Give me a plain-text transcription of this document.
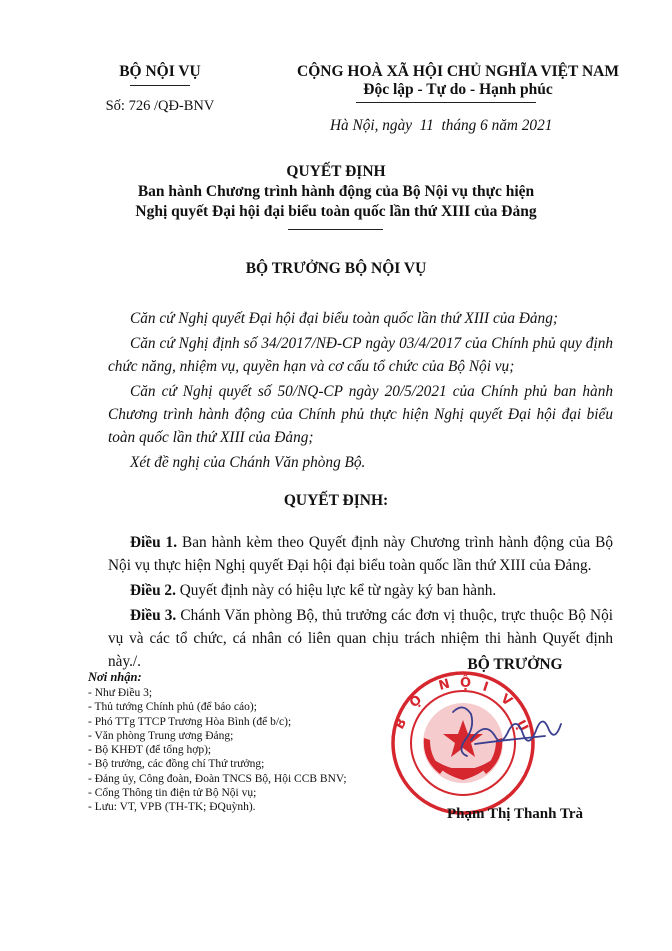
BỘ NỘI VỤ
Số: 726 /QĐ-BNV
CỘNG HOÀ XÃ HỘI CHỦ NGHĨA VIỆT NAM
Độc lập - Tự do - Hạnh phúc
Hà Nội, ngày  11  tháng 6 năm 2021
QUYẾT ĐỊNH
Ban hành Chương trình hành động của Bộ Nội vụ thực hiện
Nghị quyết Đại hội đại biểu toàn quốc lần thứ XIII của Đảng
BỘ TRƯỞNG BỘ NỘI VỤ
Căn cứ Nghị quyết Đại hội đại biểu toàn quốc lần thứ XIII của Đảng;
Căn cứ Nghị định số 34/2017/NĐ-CP ngày 03/4/2017 của Chính phủ quy định chức năng, nhiệm vụ, quyền hạn và cơ cấu tổ chức của Bộ Nội vụ;
Căn cứ Nghị quyết số 50/NQ-CP ngày 20/5/2021 của Chính phủ ban hành Chương trình hành động của Chính phủ thực hiện Nghị quyết Đại hội đại biểu toàn quốc lần thứ XIII của Đảng;
Xét đề nghị của Chánh Văn phòng Bộ.
QUYẾT ĐỊNH:
Điều 1. Ban hành kèm theo Quyết định này Chương trình hành động của Bộ Nội vụ thực hiện Nghị quyết Đại hội đại biểu toàn quốc lần thứ XIII của Đảng.
Điều 2. Quyết định này có hiệu lực kể từ ngày ký ban hành.
Điều 3. Chánh Văn phòng Bộ, thủ trưởng các đơn vị thuộc, trực thuộc Bộ Nội vụ và các tổ chức, cá nhân có liên quan chịu trách nhiệm thi hành Quyết định này./.
Nơi nhận:
- Như Điều 3;
- Thủ tướng Chính phủ (để báo cáo);
- Phó TTg TTCP Trương Hòa Bình (để b/c);
- Văn phòng Trung ương Đảng;
- Bộ KHĐT (để tổng hợp);
- Bộ trưởng, các đồng chí Thứ trưởng;
- Đảng ủy, Công đoàn, Đoàn TNCS Bộ, Hội CCB BNV;
- Cổng Thông tin điện tử Bộ Nội vụ;
- Lưu: VT, VPB (TH-TK; ĐQuỳnh).
BỘ TRƯỞNG
B
Ộ
N Ộ I
V
Ụ
Phạm Thị Thanh Trà
